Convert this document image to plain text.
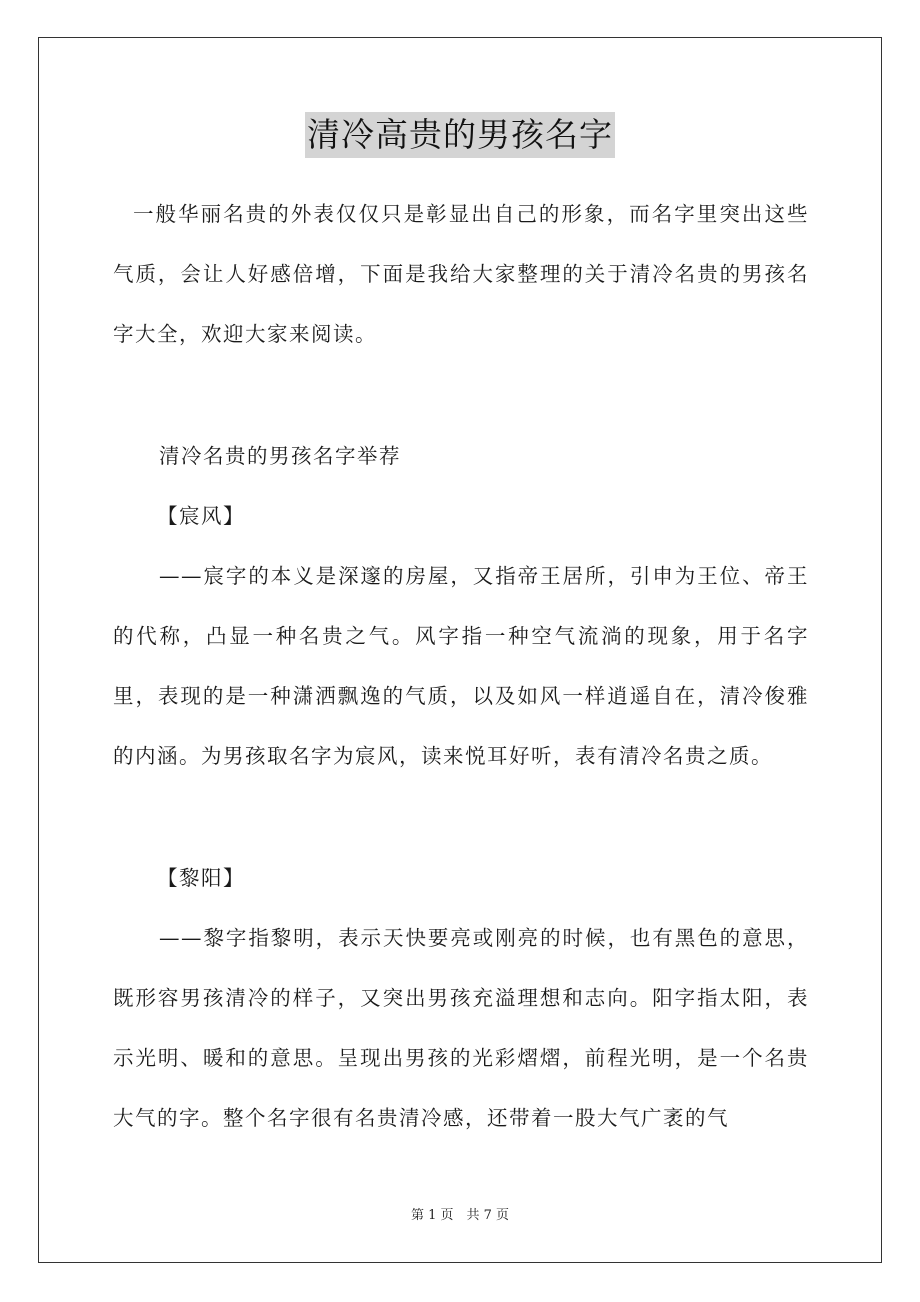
清冷高贵的男孩名字

一般华丽名贵的外表仅仅只是彰显出自己的形象，而名字里突出这些气质，会让人好感倍增，下面是我给大家整理的关于清冷名贵的男孩名字大全，欢迎大家来阅读。

清冷名贵的男孩名字举荐

【宸风】

——宸字的本义是深邃的房屋，又指帝王居所，引申为王位、帝王的代称，凸显一种名贵之气。风字指一种空气流淌的现象，用于名字里，表现的是一种潇洒飘逸的气质，以及如风一样逍遥自在，清冷俊雅的内涵。为男孩取名字为宸风，读来悦耳好听，表有清冷名贵之质。

【黎阳】

——黎字指黎明，表示天快要亮或刚亮的时候，也有黑色的意思，既形容男孩清冷的样子，又突出男孩充溢理想和志向。阳字指太阳，表示光明、暖和的意思。呈现出男孩的光彩熠熠，前程光明，是一个名贵大气的字。整个名字很有名贵清冷感，还带着一股大气广袤的气

第 1 页　共 7 页
